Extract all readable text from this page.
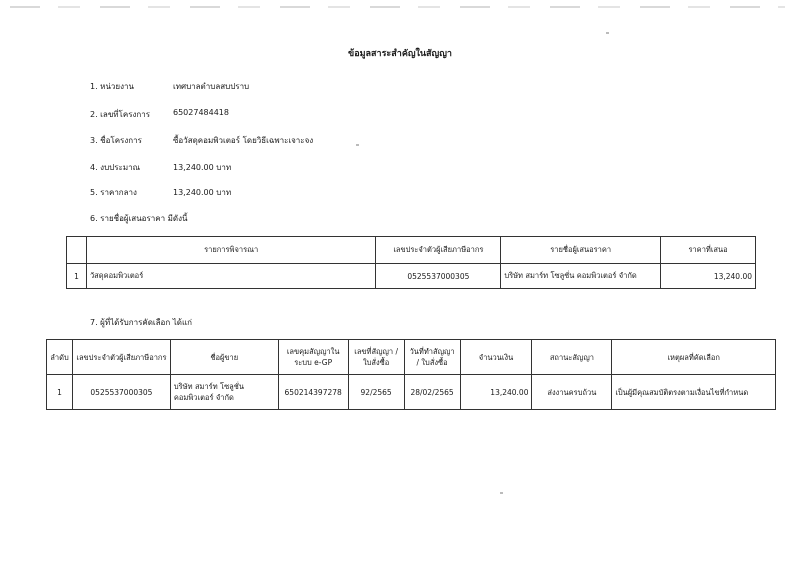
ข้อมูลสาระสำคัญในสัญญา
1. หน่วยงาน	เทศบาลตำบลสบปราบ
2. เลขที่โครงการ	65027484418
3. ชื่อโครงการ	ซื้อวัสดุคอมพิวเตอร์ โดยวิธีเฉพาะเจาะจง
4. งบประมาณ	13,240.00 บาท
5. ราคากลาง	13,240.00 บาท
6. รายชื่อผู้เสนอราคา มีดังนี้
	รายการพิจารณา	เลขประจำตัวผู้เสียภาษีอากร	รายชื่อผู้เสนอราคา	ราคาที่เสนอ
1	วัสดุคอมพิวเตอร์	0525537000305	บริษัท สมาร์ท โซลูชั่น คอมพิวเตอร์ จำกัด	13,240.00
7. ผู้ที่ได้รับการคัดเลือก ได้แก่
ลำดับ	เลขประจำตัวผู้เสียภาษีอากร	ชื่อผู้ขาย	เลขคุมสัญญาในระบบ e-GP	เลขที่สัญญา / ใบสั่งซื้อ	วันที่ทำสัญญา / ใบสั่งซื้อ	จำนวนเงิน	สถานะสัญญา	เหตุผลที่คัดเลือก
1	0525537000305	บริษัท สมาร์ท โซลูชั่น คอมพิวเตอร์ จำกัด	650214397278	92/2565	28/02/2565	13,240.00	ส่งงานครบถ้วน	เป็นผู้มีคุณสมบัติตรงตามเงื่อนไขที่กำหนด
